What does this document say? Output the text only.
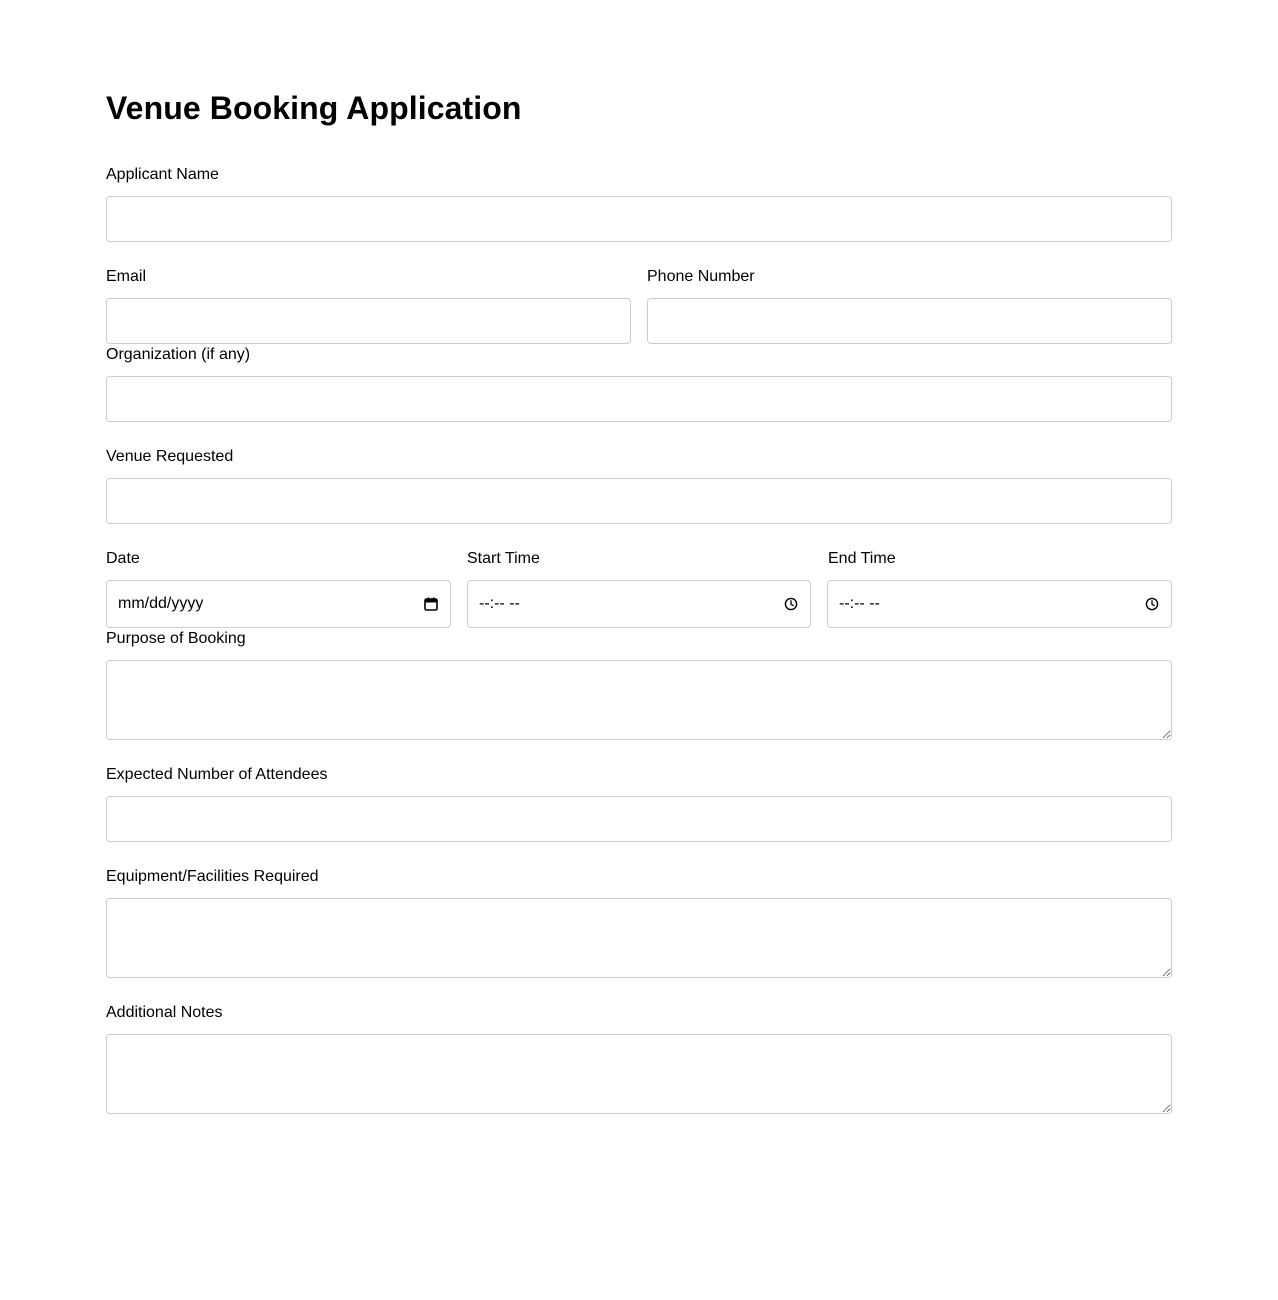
Venue Booking Application
Applicant Name
Email	Phone Number
Organization (if any)
Venue Requested
Date
mm/dd/yyyy
Start Time
--:-- --
End Time
--:-- --
Purpose of Booking
Expected Number of Attendees
Equipment/Facilities Required
Additional Notes
